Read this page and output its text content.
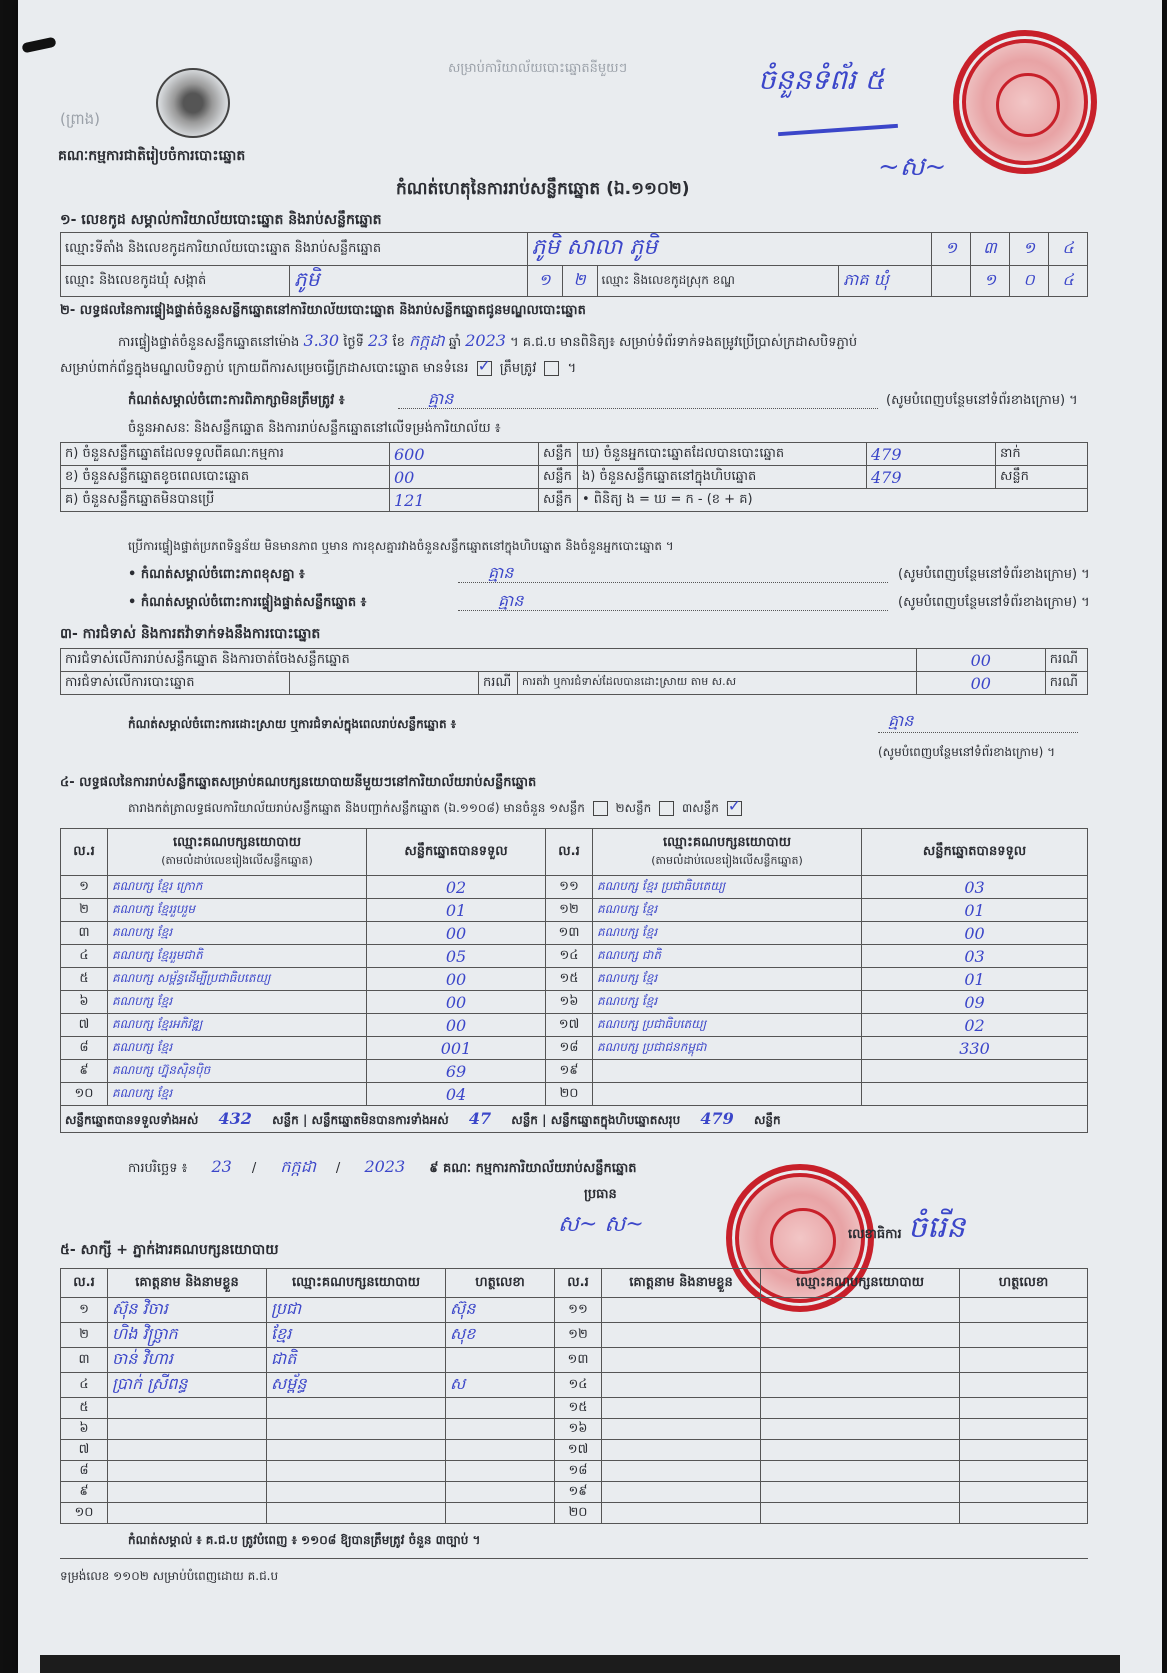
(ព្រាង)
គណៈកម្មការជាតិរៀបចំការបោះឆ្នោត
សម្រាប់ការិយាល័យបោះឆ្នោតនីមួយៗ	ចំនួនទំព័រ ៥
~ស~
កំណត់ហេតុនៃការរាប់សន្លឹកឆ្នោត (ឯ.១១០២)
១- លេខកូដ សម្គាល់ការិយាល័យបោះឆ្នោត និងរាប់សន្លឹកឆ្នោត
ឈ្មោះទីតាំង និងលេខកូដការិយាល័យបោះឆ្នោត និងរាប់សន្លឹកឆ្នោត		ភូមិ សាលា ភូមិ				១	៣	១	៤
ឈ្មោះ និងលេខកូដឃុំ សង្កាត់	ភូមិ	១	២	ឈ្មោះ និងលេខកូដស្រុក ខណ្ឌ	ភាគ ឃុំ		១	០	៤
២- លទ្ធផលនៃការផ្ទៀងផ្ទាត់ចំនួនសន្លឹកឆ្នោតនៅការិយាល័យបោះឆ្នោត និងរាប់សន្លឹកឆ្នោតជូនមណ្ឌលបោះឆ្នោត
ការផ្ទៀងផ្ទាត់ចំនួនសន្លឹកឆ្នោតនៅម៉ោង 3.30 ថ្ងៃទី 23 ខែ កក្កដា ឆ្នាំ 2023 ។ គ.ជ.ប មានពិនិត្យ៖ សម្រាប់ទំព័រទាក់ទងតម្រូវប្រើប្រាស់ក្រដាសបិទភ្ជាប់
សម្រាប់ពាក់ព័ន្ធក្នុងមណ្ឌលបិទភ្ជាប់ ក្រោយពីការសម្រេចធ្វើក្រដាសបោះឆ្នោត មានទំនេរ ✓ ត្រឹមត្រូវ  ។
កំណត់សម្គាល់ចំពោះការពិភាក្សាមិនត្រឹមត្រូវ ៖	គ្មាន	(សូមបំពេញបន្ថែមនៅទំព័រខាងក្រោម) ។
ចំនួនអាសនៈ និងសន្លឹកឆ្នោត និងការរាប់សន្លឹកឆ្នោតនៅលើទម្រង់ការិយាល័យ ៖
ក) ចំនួនសន្លឹកឆ្នោតដែលទទួលពីគណៈកម្មការ	600	សន្លឹក	ឃ) ចំនួនអ្នកបោះឆ្នោតដែលបានបោះឆ្នោត	479	នាក់
ខ) ចំនួនសន្លឹកឆ្នោតខូចពេលបោះឆ្នោត	00	សន្លឹក	ង) ចំនួនសន្លឹកឆ្នោតនៅក្នុងហិបឆ្នោត	479	សន្លឹក
គ) ចំនួនសន្លឹកឆ្នោតមិនបានប្រើ	121	សន្លឹក	• ពិនិត្យ ង = ឃ = ក - (ខ + គ)		
ប្រើការផ្ទៀងផ្ទាត់ប្រភពទិន្នន័យ មិនមានភាព ឬមាន ការខុសគ្នារវាងចំនួនសន្លឹកឆ្នោតនៅក្នុងហិបឆ្នោត និងចំនួនអ្នកបោះឆ្នោត ។
• កំណត់សម្គាល់ចំពោះភាពខុសគ្នា ៖	គ្មាន	(សូមបំពេញបន្ថែមនៅទំព័រខាងក្រោម) ។
• កំណត់សម្គាល់ចំពោះការផ្ទៀងផ្ទាត់សន្លឹកឆ្នោត ៖	គ្មាន	(សូមបំពេញបន្ថែមនៅទំព័រខាងក្រោម) ។
៣- ការជំទាស់ និងការតវ៉ាទាក់ទងនឹងការបោះឆ្នោត
ការជំទាស់លើការរាប់សន្លឹកឆ្នោត និងការចាត់ចែងសន្លឹកឆ្នោត				00	ករណី
ការជំទាស់លើការបោះឆ្នោត		ករណី	ការតវ៉ា ឬការជំទាស់ដែលបានដោះស្រាយ តាម ស.ស	00	ករណី
កំណត់សម្គាល់ចំពោះការដោះស្រាយ ឬការជំទាស់ក្នុងពេលរាប់សន្លឹកឆ្នោត ៖	គ្មាន
(សូមបំពេញបន្ថែមនៅទំព័រខាងក្រោម) ។
៤- លទ្ធផលនៃការរាប់សន្លឹកឆ្នោតសម្រាប់គណបក្សនយោបាយនីមួយៗនៅការិយាល័យរាប់សន្លឹកឆ្នោត
តារាងកត់ត្រាលទ្ធផលការិយាល័យរាប់សន្លឹកឆ្នោត និងបញ្ជាក់សន្លឹកឆ្នោត (ឯ.១១០៨) មានចំនួន ១សន្លឹក	២សន្លឹក	៣សន្លឹក ✓
ល.រ	ឈ្មោះគណបក្សនយោបាយ
(តាមលំដាប់លេខរៀងលើសន្លឹកឆ្នោត)	សន្លឹកឆ្នោតបានទទួល	ល.រ	ឈ្មោះគណបក្សនយោបាយ
(តាមលំដាប់លេខរៀងលើសន្លឹកឆ្នោត)	សន្លឹកឆ្នោតបានទទួល
១	គណបក្ស ខ្មែរ ក្រោក	02	១១	គណបក្ស ខ្មែរ ប្រជាធិបតេយ្យ	03
២	គណបក្ស ខ្មែររួបរួម	01	១២	គណបក្ស ខ្មែរ	01
៣	គណបក្ស ខ្មែរ	00	១៣	គណបក្ស ខ្មែរ	00
៤	គណបក្ស ខ្មែររួមជាតិ	05	១៤	គណបក្ស ជាតិ	03
៥	គណបក្ស សម្ព័ន្ធដើម្បីប្រជាធិបតេយ្យ	00	១៥	គណបក្ស ខ្មែរ	01
៦	គណបក្ស ខ្មែរ	00	១៦	គណបក្ស ខ្មែរ	09
៧	គណបក្ស ខ្មែរអភិវឌ្ឍ	00	១៧	គណបក្ស ប្រជាធិបតេយ្យ	02
៨	គណបក្ស ខ្មែរ	001	១៨	គណបក្ស ប្រជាជនកម្ពុជា	330
៩	គណបក្ស ហ្វ៊ុនស៊ិនប៉ិច	69	១៩		
១០	គណបក្ស ខ្មែរ	04	២០		
សន្លឹកឆ្នោតបានទទួលទាំងអស់ 432 សន្លឹក | សន្លឹកឆ្នោតមិនបានការទាំងអស់ 47 សន្លឹក | សន្លឹកឆ្នោតក្នុងហិបឆ្នោតសរុប 479 សន្លឹក					
ការបរិច្ឆេទ ៖ 23 / កក្កដា / 2023 ៩ គណៈ កម្មការការិយាល័យរាប់សន្លឹកឆ្នោត
ប្រធាន
ស~ ស~	លេខាធិការ ចំរើន
៥- សាក្សី + ភ្នាក់ងារគណបក្សនយោបាយ
ល.រ	គោត្តនាម និងនាមខ្លួន	ឈ្មោះគណបក្សនយោបាយ	ហត្ថលេខា	ល.រ	គោត្តនាម និងនាមខ្លួន	ឈ្មោះគណបក្សនយោបាយ	ហត្ថលេខា
១	ស៊ុន វិចារ	ប្រជា	ស៊ុន	១១			
២	ហិង វិច្ឆ្រាក	ខ្មែរ	សុខ	១២			
៣	ចាន់ វិហារ	ជាតិ		១៣			
៤	ប្រាក់ ស្រីពន្ធ	សម្ព័ន្ធ	ស	១៤			
៥				១៥			
៦				១៦			
៧				១៧			
៨				១៨			
៩				១៩			
១០				២០			
កំណត់សម្គាល់ ៖ គ.ជ.ប ត្រូវបំពេញ ៖ ១១០៨ ឱ្យបានត្រឹមត្រូវ ចំនួន ៣ច្បាប់ ។
ទម្រង់លេខ ១១០២ សម្រាប់បំពេញដោយ គ.ជ.ប
